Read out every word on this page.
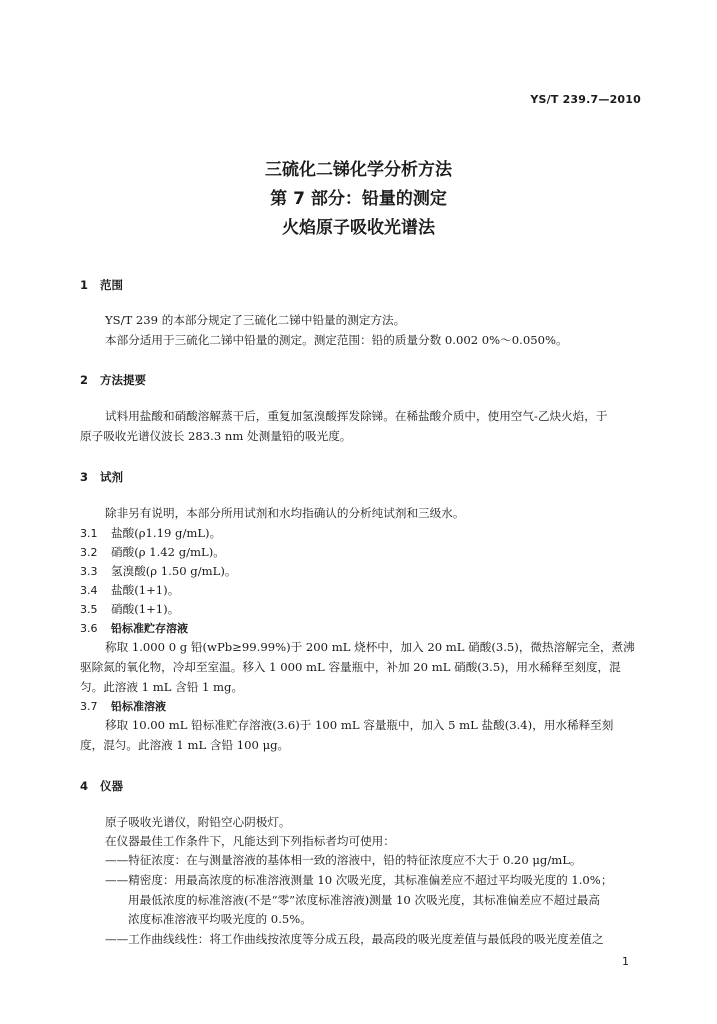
YS/T 239.7—2010
三硫化二锑化学分析方法
第 7 部分：铅量的测定
火焰原子吸收光谱法
1 范围
YS/T 239 的本部分规定了三硫化二锑中铅量的测定方法。
本部分适用于三硫化二锑中铅量的测定。测定范围：铅的质量分数 0.002 0%～0.050%。
2 方法提要
试料用盐酸和硝酸溶解蒸干后，重复加氢溴酸挥发除锑。在稀盐酸介质中，使用空气-乙炔火焰，于
原子吸收光谱仪波长 283.3 nm 处测量铅的吸光度。
3 试剂
除非另有说明，本部分所用试剂和水均指确认的分析纯试剂和三级水。
3.1 盐酸(ρ1.19 g/mL)。
3.2 硝酸(ρ 1.42 g/mL)。
3.3 氢溴酸(ρ 1.50 g/mL)。
3.4 盐酸(1+1)。
3.5 硝酸(1+1)。
3.6 铅标准贮存溶液
称取 1.000 0 g 铅(wPb≥99.99%)于 200 mL 烧杯中，加入 20 mL 硝酸(3.5)，微热溶解完全，煮沸
驱除氮的氧化物，冷却至室温。移入 1 000 mL 容量瓶中，补加 20 mL 硝酸(3.5)，用水稀释至刻度，混
匀。此溶液 1 mL 含铅 1 mg。
3.7 铅标准溶液
移取 10.00 mL 铅标准贮存溶液(3.6)于 100 mL 容量瓶中，加入 5 mL 盐酸(3.4)，用水稀释至刻
度，混匀。此溶液 1 mL 含铅 100 μg。
4 仪器
原子吸收光谱仪，附铅空心阴极灯。
在仪器最佳工作条件下，凡能达到下列指标者均可使用：
——特征浓度：在与测量溶液的基体相一致的溶液中，铅的特征浓度应不大于 0.20 μg/mL。
——精密度：用最高浓度的标准溶液测量 10 次吸光度，其标准偏差应不超过平均吸光度的 1.0%；
用最低浓度的标准溶液(不是“零”浓度标准溶液)测量 10 次吸光度，其标准偏差应不超过最高
浓度标准溶液平均吸光度的 0.5%。
——工作曲线线性：将工作曲线按浓度等分成五段，最高段的吸光度差值与最低段的吸光度差值之
1
